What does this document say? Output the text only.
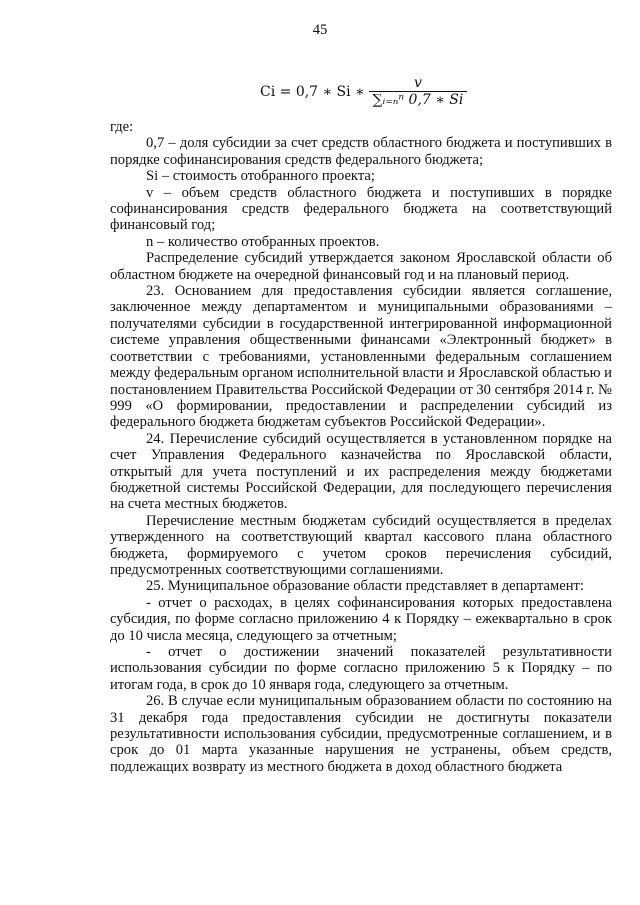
45
Сi = 0,7 ∗ Si ∗ $\frac{v}{\text{∑ᵢ₌ₙⁿ 0,7 ∗ Si}}$

где:

0,7 – доля субсидии за счет средств областного бюджета и поступивших в порядке софинансирования средств федерального бюджета;

Si – стоимость отобранного проекта;

v – объем средств областного бюджета и поступивших в порядке софинансирования средств федерального бюджета на соответствующий финансовый год;

n – количество отобранных проектов.

Распределение субсидий утверждается законом Ярославской области об областном бюджете на очередной финансовый год и на плановый период.

23. Основанием для предоставления субсидии является соглашение, заключенное между департаментом и муниципальными образованиями – получателями субсидии в государственной интегрированной информационной системе управления общественными финансами «Электронный бюджет» в соответствии с требованиями, установленными федеральным соглашением между федеральным органом исполнительной власти и Ярославской областью и постановлением Правительства Российской Федерации от 30 сентября 2014 г. № 999 «О формировании, предоставлении и распределении субсидий из федерального бюджета бюджетам субъектов Российской Федерации».

24. Перечисление субсидий осуществляется в установленном порядке на счет Управления Федерального казначейства по Ярославской области, открытый для учета поступлений и их распределения между бюджетами бюджетной системы Российской Федерации, для последующего перечисления на счета местных бюджетов.

Перечисление местным бюджетам субсидий осуществляется в пределах утвержденного на соответствующий квартал кассового плана областного бюджета, формируемого с учетом сроков перечисления субсидий, предусмотренных соответствующими соглашениями.

25. Муниципальное образование области представляет в департамент:

- отчет о расходах, в целях софинансирования которых предоставлена субсидия, по форме согласно приложению 4 к Порядку – ежеквартально в срок до 10 числа месяца, следующего за отчетным;

- отчет о достижении значений показателей результативности использования субсидии по форме согласно приложению 5 к Порядку – по итогам года, в срок до 10 января года, следующего за отчетным.

26. В случае если муниципальным образованием области по состоянию на 31 декабря года предоставления субсидии не достигнуты показатели результативности использования субсидии, предусмотренные соглашением, и в срок до 01 марта указанные нарушения не устранены, объем средств, подлежащих возврату из местного бюджета в доход областного бюджета
